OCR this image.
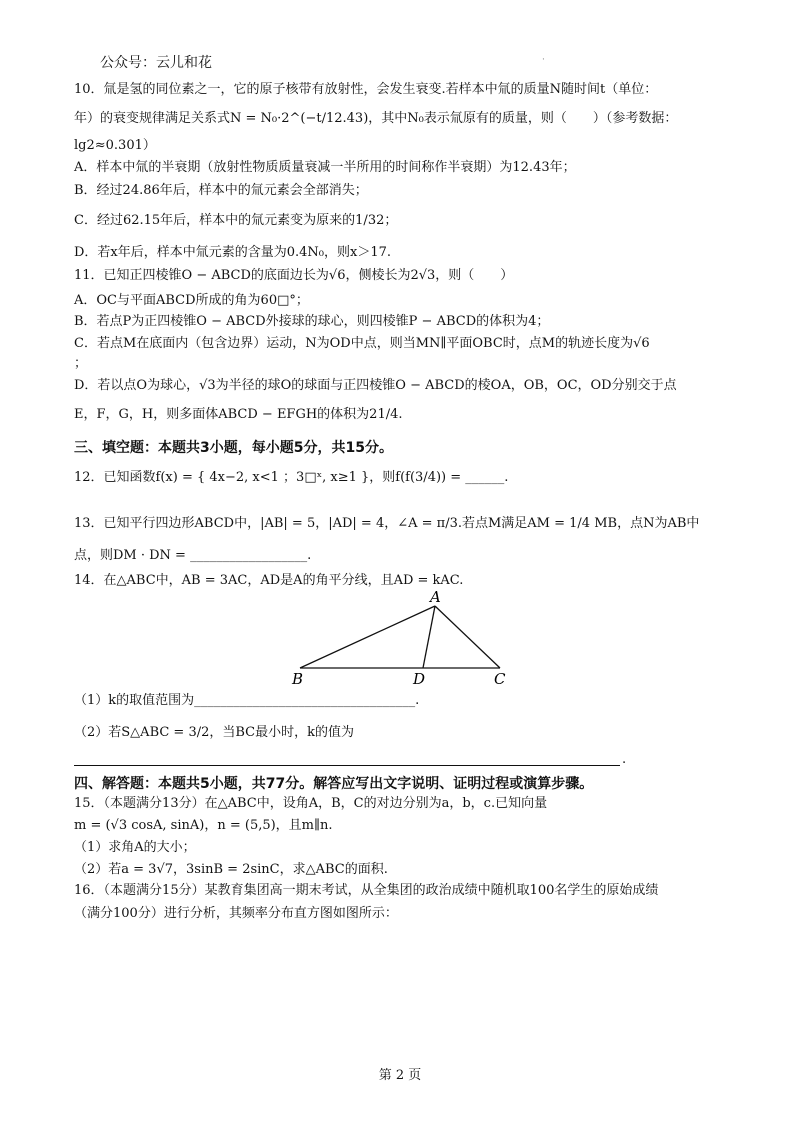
公众号：云儿和花	·
10．氚是氢的同位素之一，它的原子核带有放射性，会发生衰变.若样本中氚的质量N随时间t（单位：
年）的衰变规律满足关系式N = N₀·2^(−t/12.43)，其中N₀表示氚原有的质量，则（　　）（参考数据：
lg2≈0.301）
A．样本中氚的半衰期（放射性物质质量衰减一半所用的时间称作半衰期）为12.43年；
B．经过24.86年后，样本中的氚元素会全部消失；
C．经过62.15年后，样本中的氚元素变为原来的1/32；
D．若x年后，样本中氚元素的含量为0.4N₀，则x＞17.
11．已知正四棱锥O − ABCD的底面边长为√6，侧棱长为2√3，则（　　）
A．OC与平面ABCD所成的角为60□°；
B．若点P为正四棱锥O − ABCD外接球的球心，则四棱锥P − ABCD的体积为4；
C．若点M在底面内（包含边界）运动，N为OD中点，则当MN∥平面OBC时，点M的轨迹长度为√6
；
D．若以点O为球心，√3为半径的球O的球面与正四棱锥O − ABCD的棱OA，OB，OC，OD分别交于点
E，F，G，H，则多面体ABCD − EFGH的体积为21/4.
三、填空题：本题共3小题，每小题5分，共15分。
12．已知函数f(x) = { 4x−2, x<1 ；3□ˣ, x≥1 }，则f(f(3/4)) = ______.
13．已知平行四边形ABCD中，|AB| = 5，|AD| = 4，∠A = π/3.若点M满足AM = 1/4 MB，点N为AB中
点，则DM · DN = __________________.
14．在△ABC中，AB = 3AC，AD是A的角平分线，且AD = kAC.
A
B	D	C
（1）k的取值范围为__________________________________.
（2）若S△ABC = 3/2，当BC最小时，k的值为
.
四、解答题：本题共5小题，共77分。解答应写出文字说明、证明过程或演算步骤。
15．（本题满分13分）在△ABC中，设角A，B，C的对边分别为a，b，c.已知向量
m = (√3 cosA, sinA)，n = (5,5)，且m∥n.
（1）求角A的大小；
（2）若a = 3√7，3sinB = 2sinC，求△ABC的面积.
16．（本题满分15分）某教育集团高一期末考试，从全集团的政治成绩中随机取100名学生的原始成绩
（满分100分）进行分析，其频率分布直方图如图所示：
第 2 页
